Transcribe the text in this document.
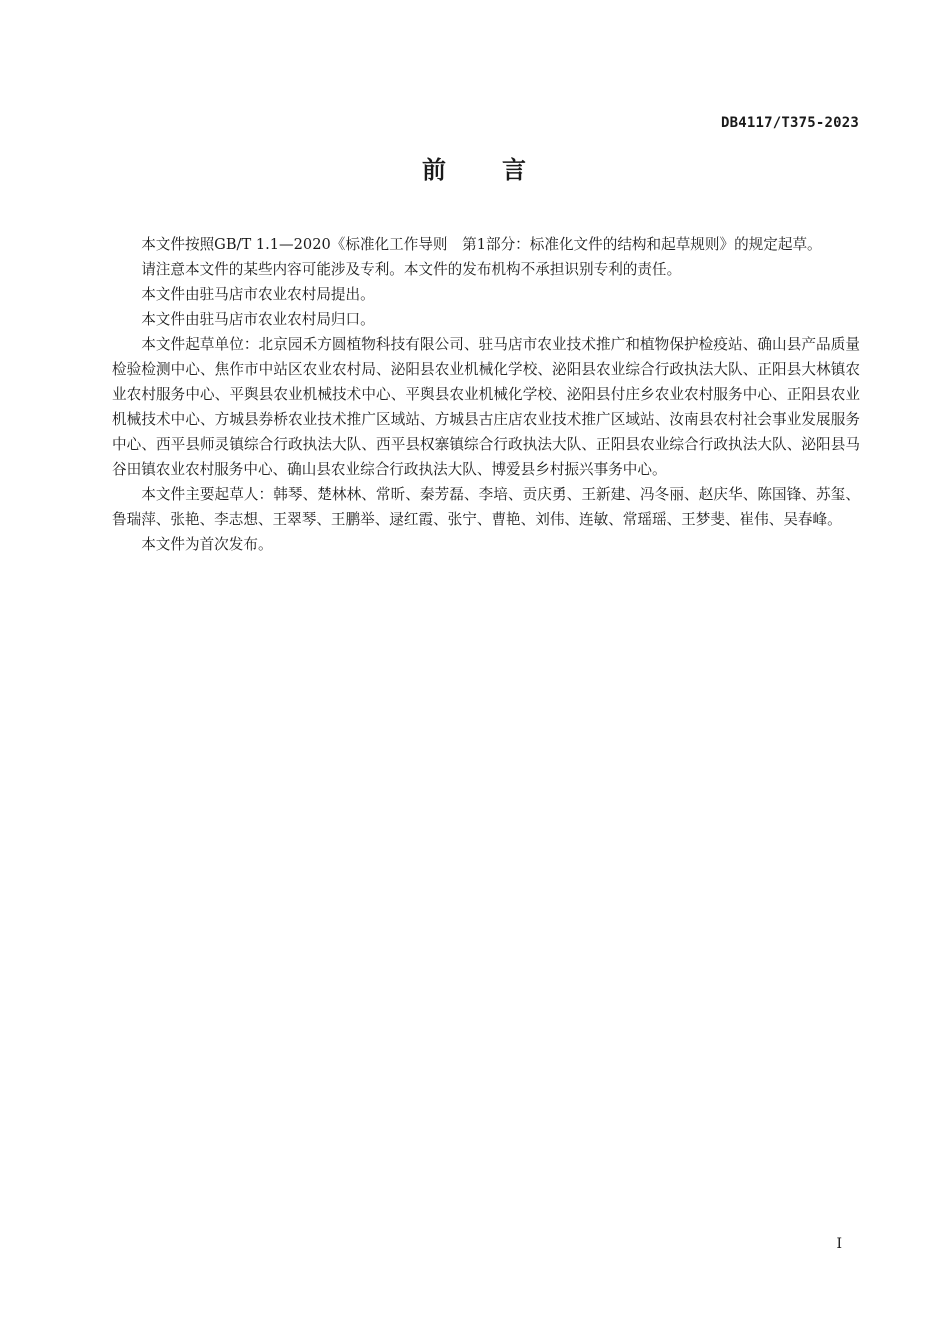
DB4117/T375-2023
前 言

本文件按照GB/T 1.1—2020《标准化工作导则　第1部分：标准化文件的结构和起草规则》的规定起草。

请注意本文件的某些内容可能涉及专利。本文件的发布机构不承担识别专利的责任。

本文件由驻马店市农业农村局提出。

本文件由驻马店市农业农村局归口。

本文件起草单位：北京园禾方圆植物科技有限公司、驻马店市农业技术推广和植物保护检疫站、确山县产品质量检验检测中心、焦作市中站区农业农村局、泌阳县农业机械化学校、泌阳县农业综合行政执法大队、正阳县大林镇农业农村服务中心、平舆县农业机械技术中心、平舆县农业机械化学校、泌阳县付庄乡农业农村服务中心、正阳县农业机械技术中心、方城县券桥农业技术推广区域站、方城县古庄店农业技术推广区域站、汝南县农村社会事业发展服务中心、西平县师灵镇综合行政执法大队、西平县权寨镇综合行政执法大队、正阳县农业综合行政执法大队、泌阳县马谷田镇农业农村服务中心、确山县农业综合行政执法大队、博爱县乡村振兴事务中心。

本文件主要起草人：韩琴、楚林林、常昕、秦芳磊、李培、贡庆勇、王新建、冯冬丽、赵庆华、陈国锋、苏玺、鲁瑞萍、张艳、李志想、王翠琴、王鹏举、逯红霞、张宁、曹艳、刘伟、连敏、常瑶瑶、王梦斐、崔伟、吴春峰。

本文件为首次发布。

I
